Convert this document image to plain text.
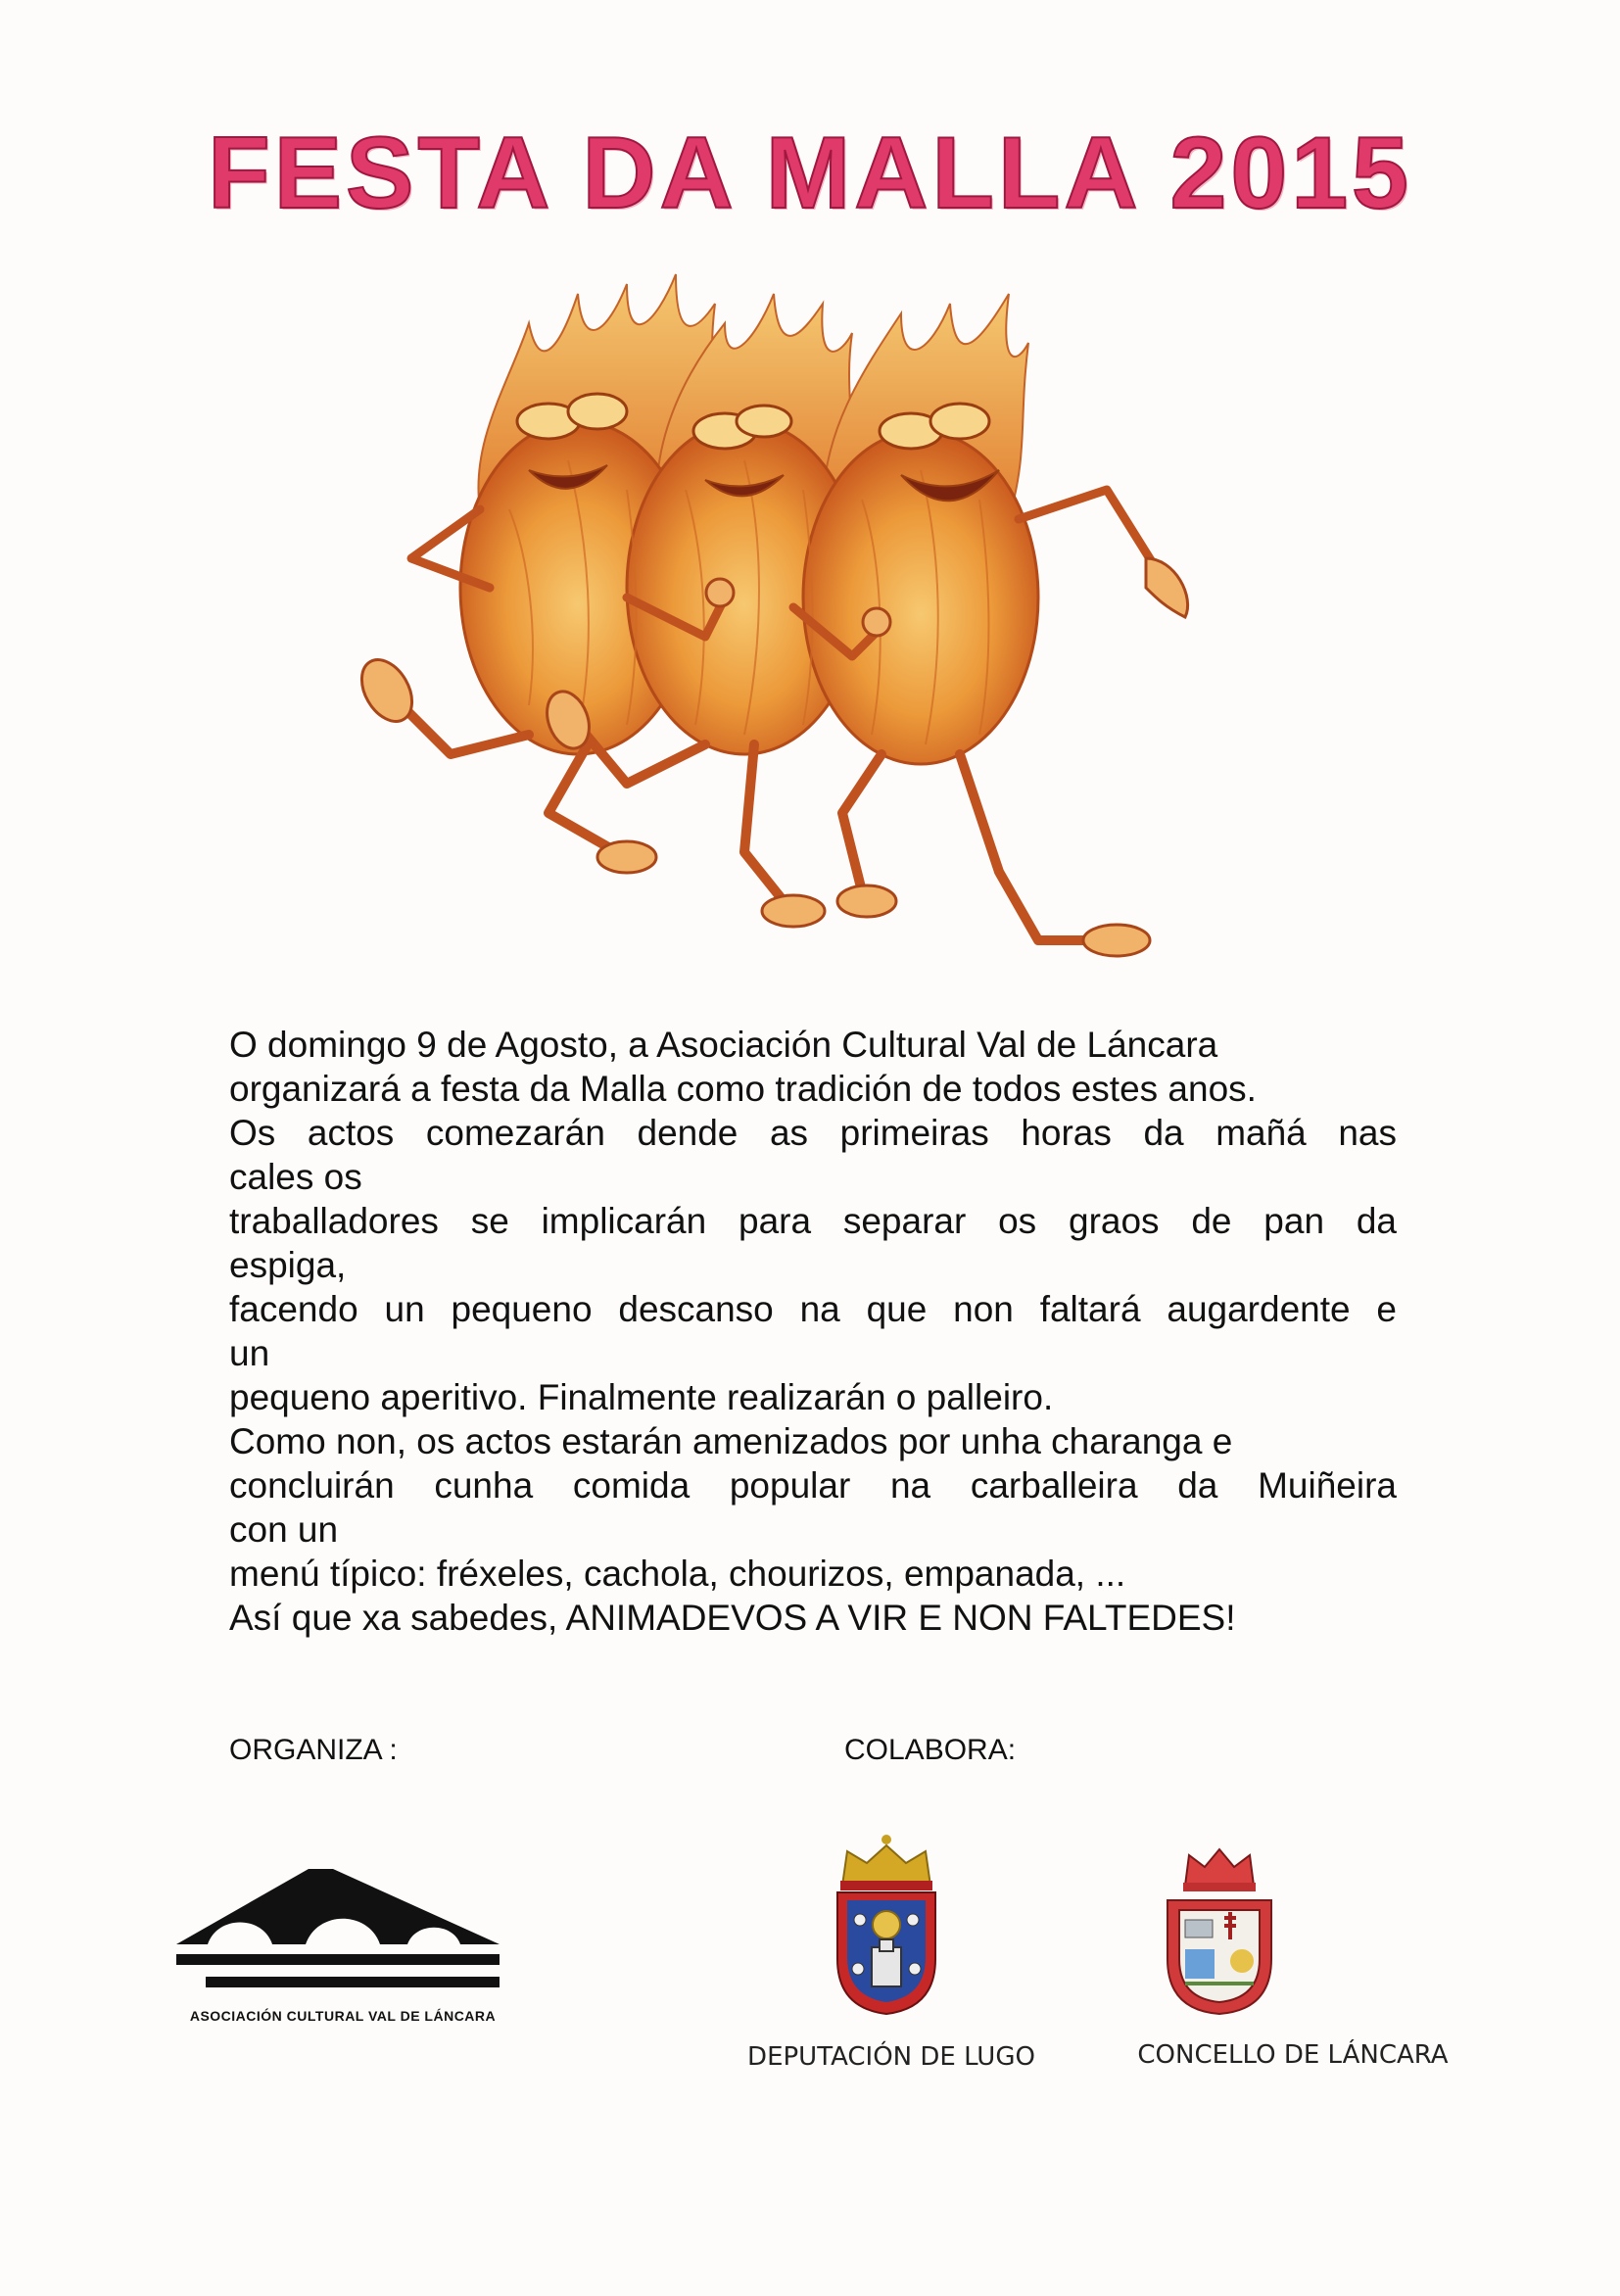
FESTA DA MALLA 2015

O domingo 9 de Agosto, a Asociación Cultural Val de Láncara

organizará a festa da Malla como tradición de todos estes anos.

Os actos comezarán dende as primeiras horas da mañá nas

cales os

traballadores se implicarán para separar os graos de pan da

espiga,

facendo un pequeno descanso na que non faltará augardente e

un

pequeno aperitivo. Finalmente realizarán o palleiro.

Como non, os actos estarán amenizados por unha charanga e

concluirán cunha comida popular na carballeira da Muiñeira

con un

menú típico: fréxeles, cachola, chourizos, empanada, ...

Así que xa sabedes, ANIMADEVOS A VIR E NON FALTEDES!

ORGANIZA :	COLABORA:
ASOCIACIÓN CULTURAL VAL DE LÁNCARA
DEPUTACIÓN DE LUGO	CONCELLO DE LÁNCARA
